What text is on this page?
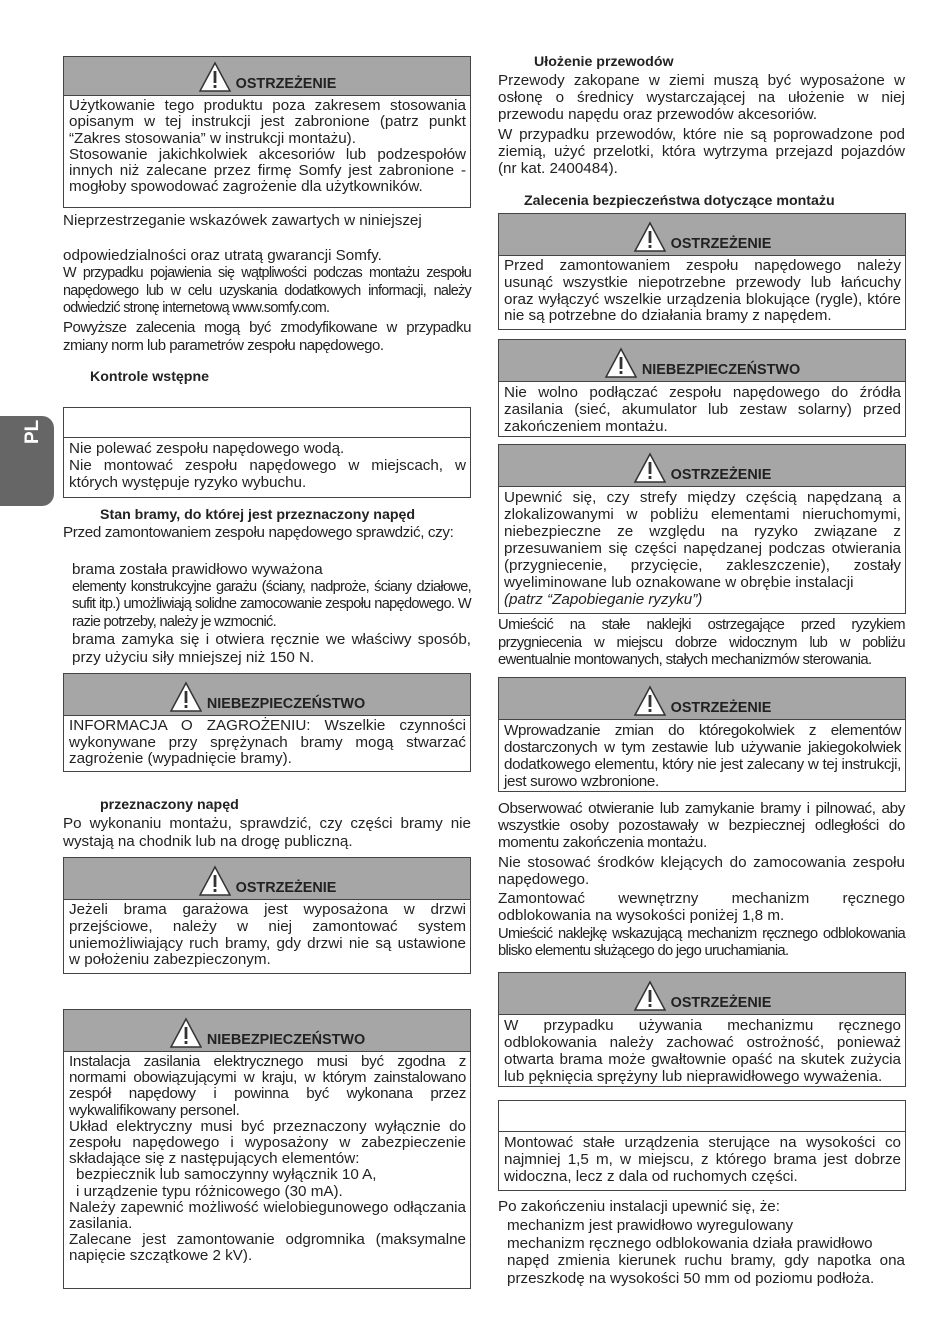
PL
OSTRZEŻENIE

Użytkowanie tego produktu poza zakresem stosowania opisanym w tej instrukcji jest zabronione (patrz punkt “Zakres stosowania” w instrukcji montażu).

Stosowanie jakichkolwiek akcesoriów lub podzespołów innych niż zalecane przez firmę Somfy jest zabronione - mogłoby spowodować zagrożenie dla użytkowników.

Nieprzestrzeganie wskazówek zawartych w niniejszej

odpowiedzialności oraz utratą gwarancji Somfy.

W przypadku pojawienia się wątpliwości podczas montażu zespołu napędowego lub w celu uzyskania dodatkowych informacji, należy odwiedzić stronę internetową www.somfy.com.

Powyższe zalecenia mogą być zmodyfikowane w przypadku zmiany norm lub parametrów zespołu napędowego.

Kontrole wstępne

Nie polewać zespołu napędowego wodą.

Nie montować zespołu napędowego w miejscach, w których występuje ryzyko wybuchu.

Stan bramy, do której jest przeznaczony napęd

Przed zamontowaniem zespołu napędowego sprawdzić, czy:

brama została prawidłowo wyważona

elementy konstrukcyjne garażu (ściany, nadproże, ściany działowe, sufit itp.) umożliwiają solidne zamocowanie zespołu napędowego. W razie potrzeby, należy je wzmocnić.

brama zamyka się i otwiera ręcznie we właściwy sposób, przy użyciu siły mniejszej niż 150 N.

NIEBEZPIECZEŃSTWO

INFORMACJA O ZAGROŻENIU: Wszelkie czynności wykonywane przy sprężynach bramy mogą stwarzać zagrożenie (wypadnięcie bramy).

przeznaczony napęd

Po wykonaniu montażu, sprawdzić, czy części bramy nie wystają na chodnik lub na drogę publiczną.

OSTRZEŻENIE

Jeżeli brama garażowa jest wyposażona w drzwi przejściowe, należy w niej zamontować system uniemożliwiający ruch bramy, gdy drzwi nie są ustawione w położeniu zabezpieczonym.

NIEBEZPIECZEŃSTWO

Instalacja zasilania elektrycznego musi być zgodna z normami obowiązującymi w kraju, w którym zainstalowano zespół napędowy i powinna być wykonana przez wykwalifikowany personel.

Układ elektryczny musi być przeznaczony wyłącznie do zespołu napędowego i wyposażony w zabezpieczenie składające się z następujących elementów:

bezpiecznik lub samoczynny wyłącznik 10 A,

i urządzenie typu różnicowego (30 mA).

Należy zapewnić możliwość wielobiegunowego odłączania zasilania.

Zalecane jest zamontowanie odgromnika (maksymalne napięcie szczątkowe 2 kV).

Ułożenie przewodów

Przewody zakopane w ziemi muszą być wyposażone w osłonę o średnicy wystarczającej na ułożenie w niej przewodu napędu oraz przewodów akcesoriów.

W przypadku przewodów, które nie są poprowadzone pod ziemią, użyć przelotki, która wytrzyma przejazd pojazdów (nr kat. 2400484).

Zalecenia bezpieczeństwa dotyczące montażu

OSTRZEŻENIE

Przed zamontowaniem zespołu napędowego należy usunąć wszystkie niepotrzebne przewody lub łańcuchy oraz wyłączyć wszelkie urządzenia blokujące (rygle), które nie są potrzebne do działania bramy z napędem.

NIEBEZPIECZEŃSTWO

Nie wolno podłączać zespołu napędowego do źródła zasilania (sieć, akumulator lub zestaw solarny) przed zakończeniem montażu.

OSTRZEŻENIE

Upewnić się, czy strefy między częścią napędzaną a zlokalizowanymi w pobliżu elementami nieruchomymi, niebezpieczne ze względu na ryzyko związane z przesuwaniem się części napędzanej podczas otwierania (przygniecenie, przycięcie, zakleszczenie), zostały wyeliminowane lub oznakowane w obrębie instalacji

(patrz “Zapobieganie ryzyku”)

Umieścić na stałe naklejki ostrzegające przed ryzykiem przygniecenia w miejscu dobrze widocznym lub w pobliżu ewentualnie montowanych, stałych mechanizmów sterowania.

OSTRZEŻENIE

Wprowadzanie zmian do któregokolwiek z elementów dostarczonych w tym zestawie lub używanie jakiegokolwiek dodatkowego elementu, który nie jest zalecany w tej instrukcji, jest surowo wzbronione.

Obserwować otwieranie lub zamykanie bramy i pilnować, aby wszystkie osoby pozostawały w bezpiecznej odległości do momentu zakończenia montażu.

Nie stosować środków klejących do zamocowania zespołu napędowego.

Zamontować wewnętrzny mechanizm ręcznego odblokowania na wysokości poniżej 1,8 m.

Umieścić naklejkę wskazującą mechanizm ręcznego odblokowania blisko elementu służącego do jego uruchamiania.

OSTRZEŻENIE

W przypadku używania mechanizmu ręcznego odblokowania należy zachować ostrożność, ponieważ otwarta brama może gwałtownie opaść na skutek zużycia lub pęknięcia sprężyny lub nieprawidłowego wyważenia.

Montować stałe urządzenia sterujące na wysokości co najmniej 1,5 m, w miejscu, z którego brama jest dobrze widoczna, lecz z dala od ruchomych części.

Po zakończeniu instalacji upewnić się, że:

mechanizm jest prawidłowo wyregulowany

mechanizm ręcznego odblokowania działa prawidłowo

napęd zmienia kierunek ruchu bramy, gdy napotka ona przeszkodę na wysokości 50 mm od poziomu podłoża.
